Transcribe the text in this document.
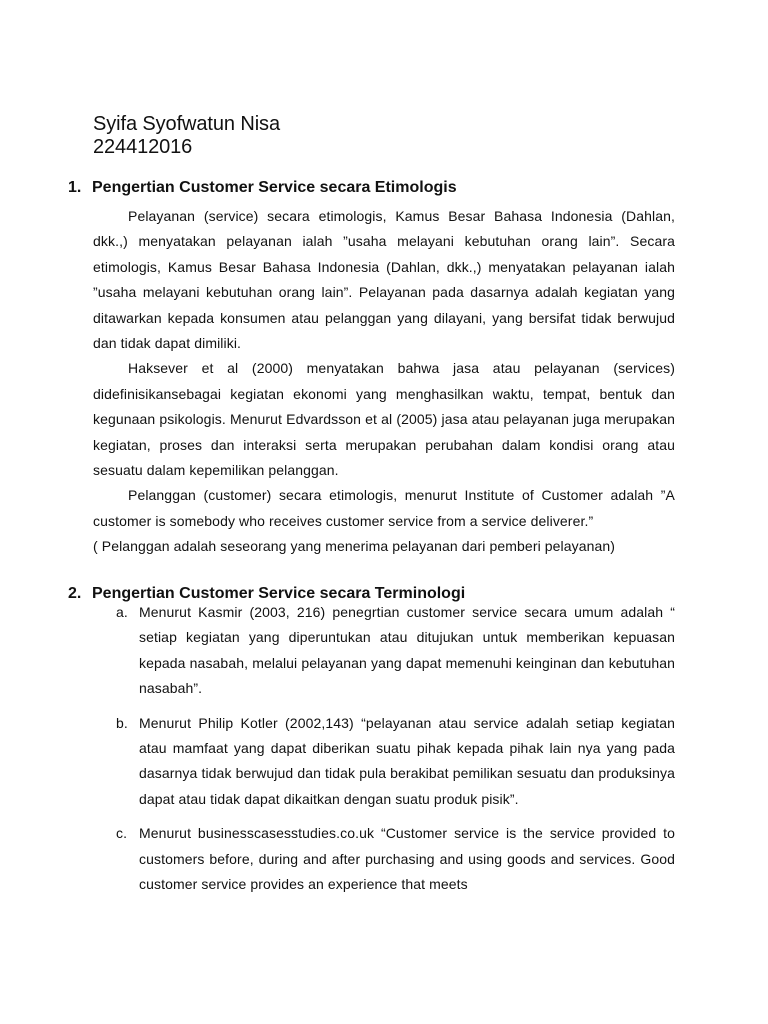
Syifa Syofwatun Nisa
224412016
1. Pengertian Customer Service secara Etimologis

Pelayanan (service) secara etimologis, Kamus Besar Bahasa Indonesia (Dahlan, dkk.,) menyatakan pelayanan ialah ”usaha melayani kebutuhan orang lain”. Secara etimologis, Kamus Besar Bahasa Indonesia (Dahlan, dkk.,) menyatakan pelayanan ialah ”usaha melayani kebutuhan orang lain”. Pelayanan pada dasarnya adalah kegiatan yang ditawarkan kepada konsumen atau pelanggan yang dilayani, yang bersifat tidak berwujud dan tidak dapat dimiliki.

Haksever et al (2000) menyatakan bahwa jasa atau pelayanan (services) didefinisikansebagai kegiatan ekonomi yang menghasilkan waktu, tempat, bentuk dan kegunaan psikologis. Menurut Edvardsson et al (2005) jasa atau pelayanan juga merupakan kegiatan, proses dan interaksi serta merupakan perubahan dalam kondisi orang atau sesuatu dalam kepemilikan pelanggan.

Pelanggan (customer) secara etimologis, menurut Institute of Customer adalah ”A customer is somebody who receives customer service from a service deliverer.”

( Pelanggan adalah seseorang yang menerima pelayanan dari pemberi pelayanan)

2. Pengertian Customer Service secara Terminologi
a. Menurut Kasmir (2003, 216) penegrtian customer service secara umum adalah “ setiap kegiatan yang diperuntukan atau ditujukan untuk memberikan kepuasan kepada nasabah, melalui pelayanan yang dapat memenuhi keinginan dan kebutuhan nasabah”.
b. Menurut Philip Kotler (2002,143) “pelayanan atau service adalah setiap kegiatan atau mamfaat yang dapat diberikan suatu pihak kepada pihak lain nya yang pada dasarnya tidak berwujud dan tidak pula berakibat pemilikan sesuatu dan produksinya dapat atau tidak dapat dikaitkan dengan suatu produk pisik”.
c. Menurut businesscasesstudies.co.uk “Customer service is the service provided to customers before, during and after purchasing and using goods and services. Good customer service provides an experience that meets
